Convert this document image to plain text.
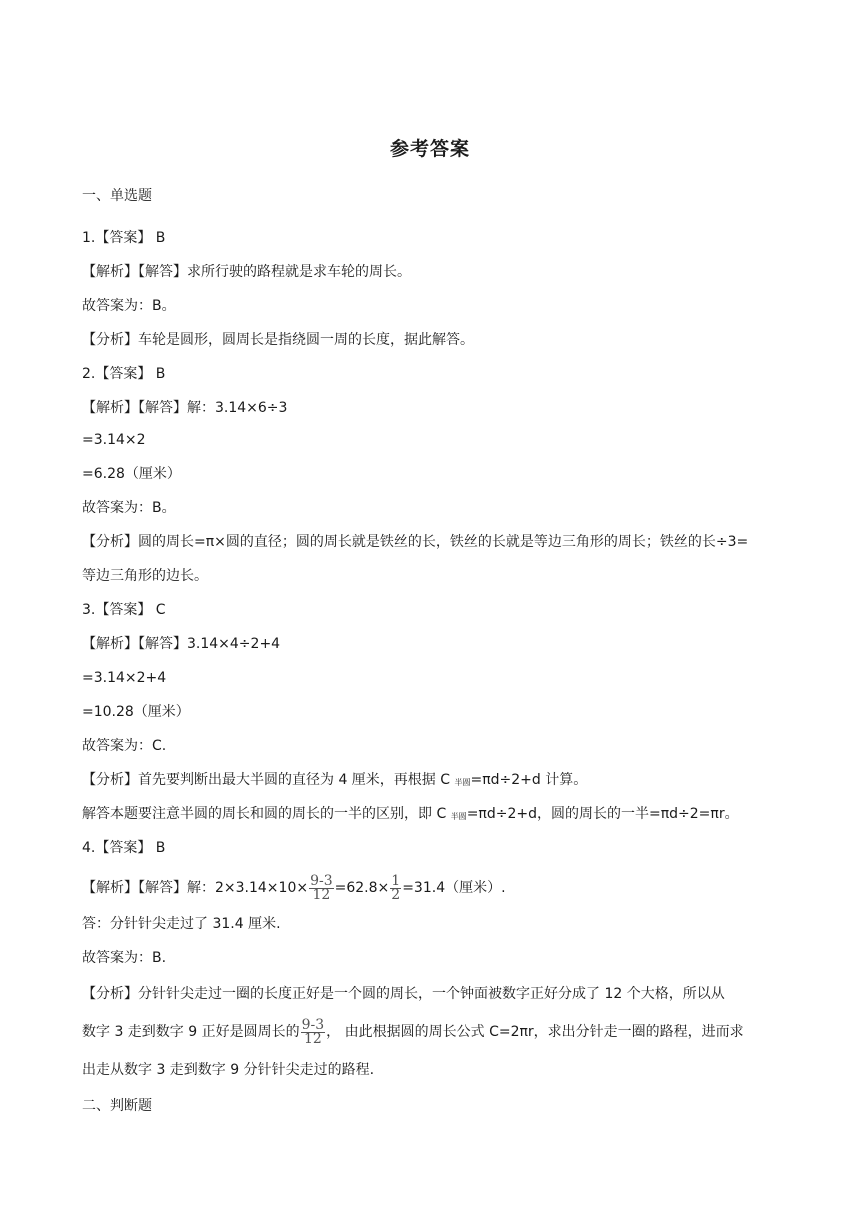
参考答案
一、单选题
1.【答案】 B
【解析】【解答】求所行驶的路程就是求车轮的周长。
故答案为：B。
【分析】车轮是圆形，圆周长是指绕圆一周的长度，据此解答。
2.【答案】 B
【解析】【解答】解：3.14×6÷3
=3.14×2
=6.28（厘米）
故答案为：B。
【分析】圆的周长=π×圆的直径；圆的周长就是铁丝的长，铁丝的长就是等边三角形的周长；铁丝的长÷3=
等边三角形的边长。
3.【答案】 C
【解析】【解答】3.14×4÷2+4
=3.14×2+4
=10.28（厘米）
故答案为：C.
【分析】首先要判断出最大半圆的直径为 4 厘米，再根据 C 半圆=πd÷2+d 计算。
解答本题要注意半圆的周长和圆的周长的一半的区别，即 C 半圆=πd÷2+d，圆的周长的一半=πd÷2=πr。
4.【答案】 B
【解析】【解答】解：$2\times 3.14\times 10\times \frac{9-3}{12} =62.8\times \frac{1}{2} =31.4$（厘米）.
答：分针针尖走过了 31.4 厘米.
故答案为：B.
【分析】分针针尖走过一圈的长度正好是一个圆的周长，一个钟面被数字正好分成了 12 个大格，所以从
数字 3 走到数字 9 正好是圆周长的 $\frac{9-3}{12}$ ， 由此根据圆的周长公式 C=2πr，求出分针走一圈的路程，进而求
出走从数字 3 走到数字 9 分针针尖走过的路程.
二、判断题
